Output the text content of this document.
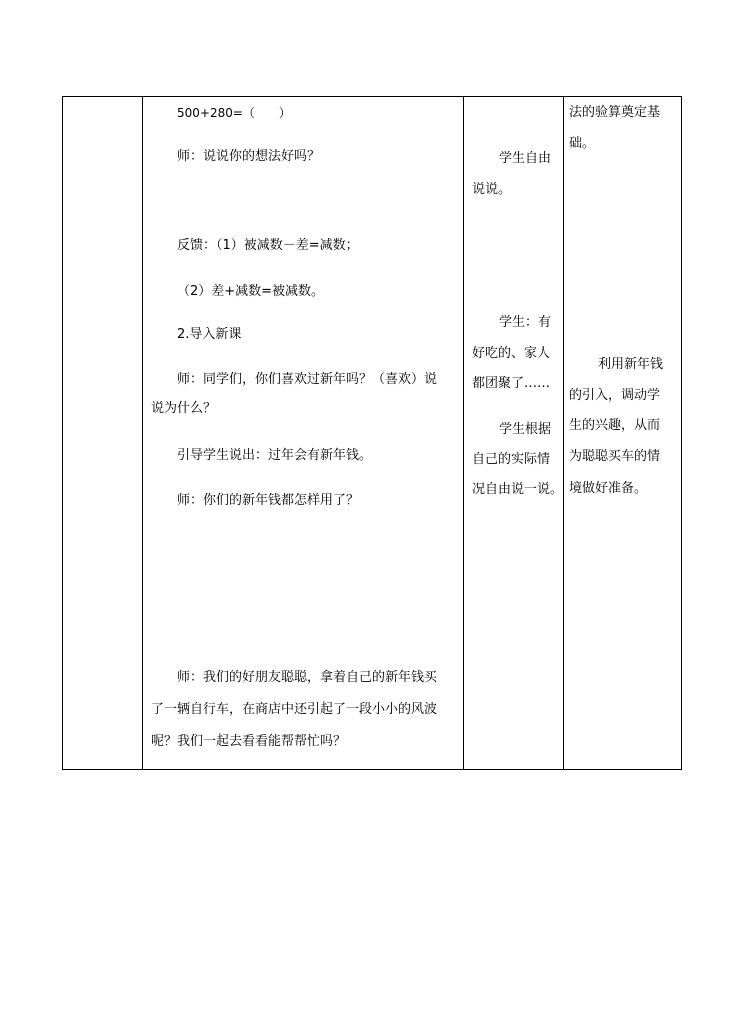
500+280=（　　）
师：说说你的想法好吗？
反馈：（1）被减数－差=减数；
（2）差+减数=被减数。
2.导入新课
师：同学们，你们喜欢过新年吗？（喜欢）说
说为什么？
引导学生说出：过年会有新年钱。
师：你们的新年钱都怎样用了？
师：我们的好朋友聪聪，拿着自己的新年钱买
了一辆自行车，在商店中还引起了一段小小的风波
呢？我们一起去看看能帮帮忙吗？
学生自由
说说。
学生：有
好吃的、家人
都团聚了……
学生根据
自己的实际情
况自由说一说。
法的验算奠定基
础。
利用新年钱
的引入，调动学
生的兴趣，从而
为聪聪买车的情
境做好准备。
